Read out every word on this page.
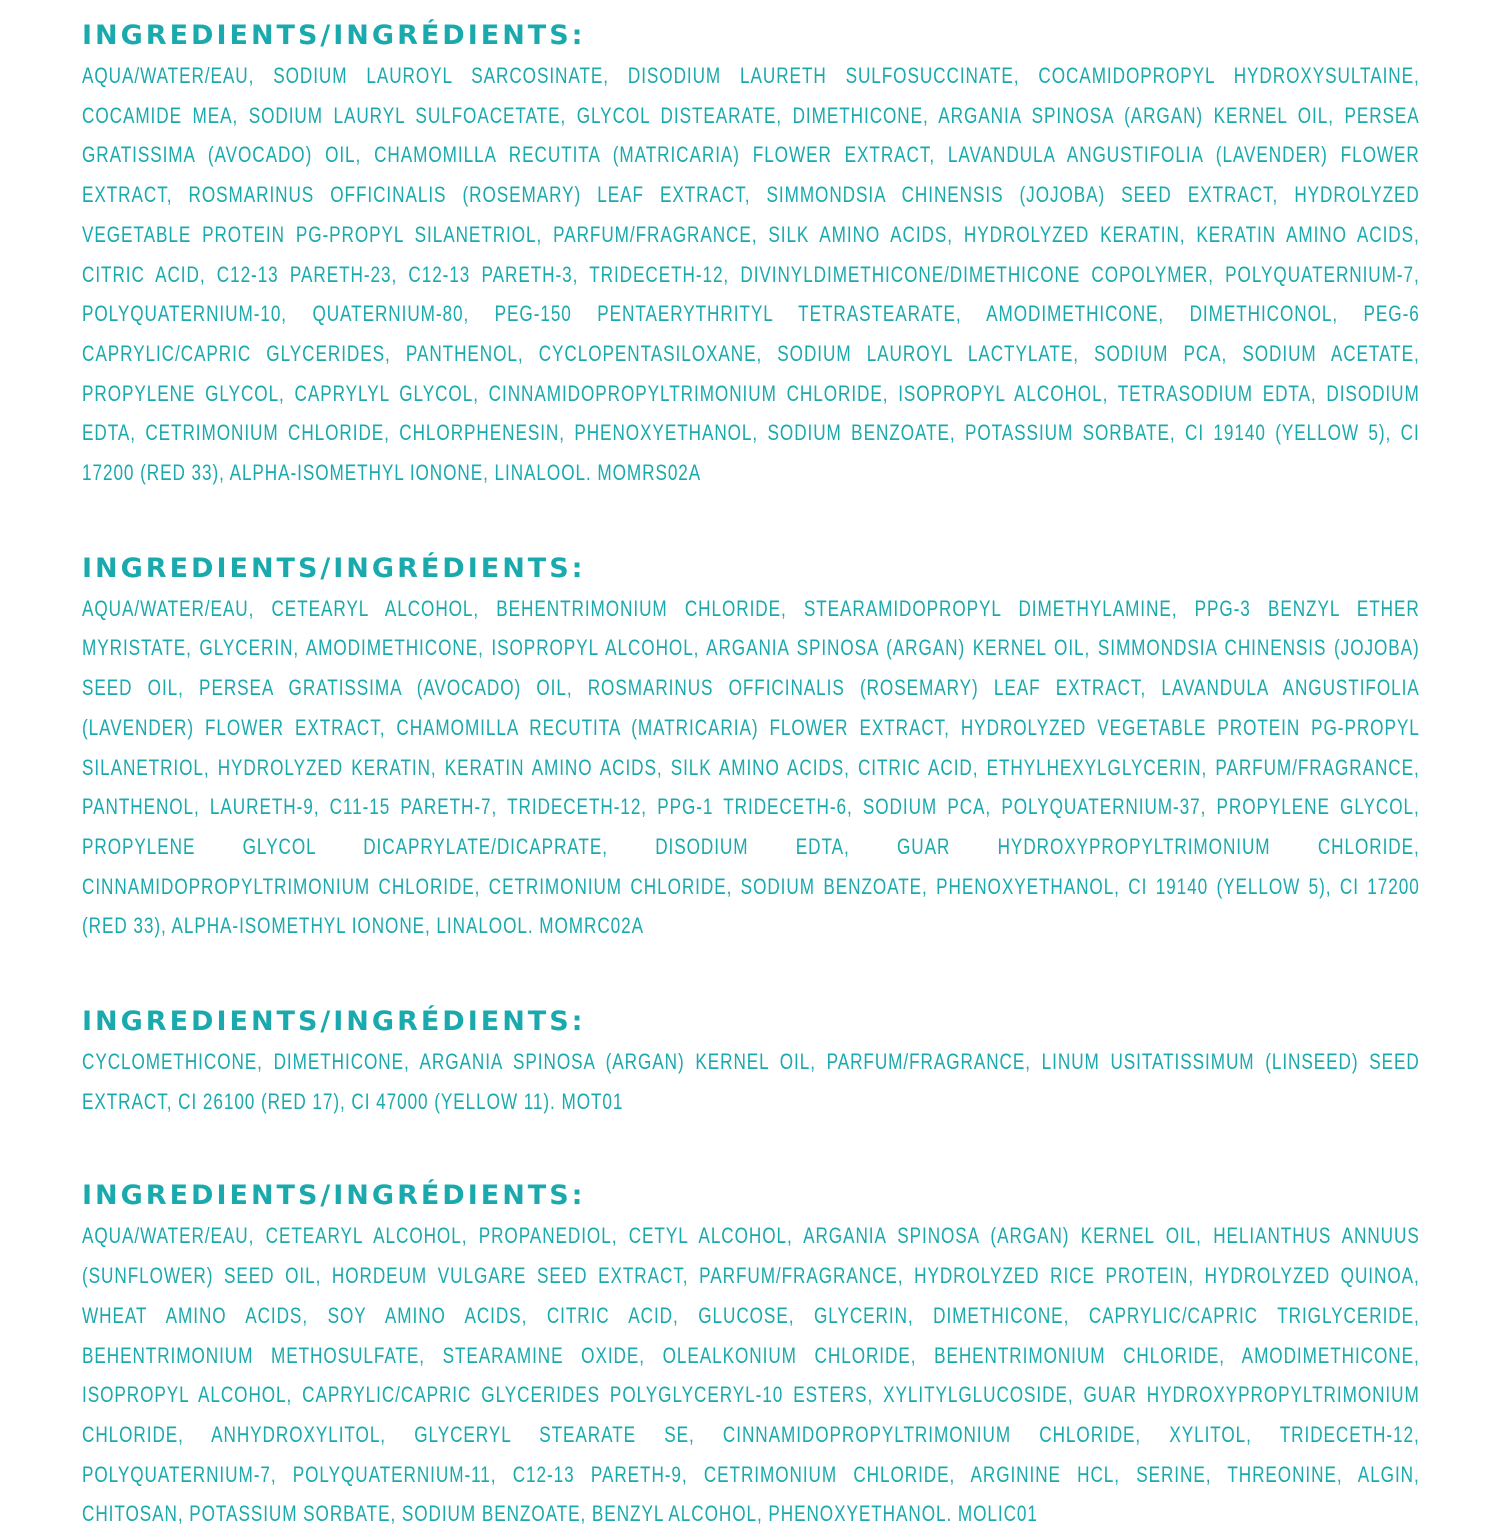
INGREDIENTS/INGRÉDIENTS:

AQUA/WATER/EAU, SODIUM LAUROYL SARCOSINATE, DISODIUM LAURETH SULFOSUCCINATE, COCAMIDOPROPYL HYDROXYSULTAINE, COCAMIDE MEA, SODIUM LAURYL SULFOACETATE, GLYCOL DISTEARATE, DIMETHICONE, ARGANIA SPINOSA (ARGAN) KERNEL OIL, PERSEA GRATISSIMA (AVOCADO) OIL, CHAMOMILLA RECUTITA (MATRICARIA) FLOWER EXTRACT, LAVANDULA ANGUSTIFOLIA (LAVENDER) FLOWER EXTRACT, ROSMARINUS OFFICINALIS (ROSEMARY) LEAF EXTRACT, SIMMONDSIA CHINENSIS (JOJOBA) SEED EXTRACT, HYDROLYZED VEGETABLE PROTEIN PG-PROPYL SILANETRIOL, PARFUM/FRAGRANCE, SILK AMINO ACIDS, HYDROLYZED KERATIN, KERATIN AMINO ACIDS, CITRIC ACID, C12-13 PARETH-23, C12-13 PARETH-3, TRIDECETH-12, DIVINYLDIMETHICONE/DIMETHICONE COPOLYMER, POLYQUATERNIUM-7, POLYQUATERNIUM-10, QUATERNIUM-80, PEG-150 PENTAERYTHRITYL TETRASTEARATE, AMODIMETHICONE, DIMETHICONOL, PEG-6 CAPRYLIC/CAPRIC GLYCERIDES, PANTHENOL, CYCLOPENTASILOXANE, SODIUM LAUROYL LACTYLATE, SODIUM PCA, SODIUM ACETATE, PROPYLENE GLYCOL, CAPRYLYL GLYCOL, CINNAMIDOPROPYLTRIMONIUM CHLORIDE, ISOPROPYL ALCOHOL, TETRASODIUM EDTA, DISODIUM EDTA, CETRIMONIUM CHLORIDE, CHLORPHENESIN, PHENOXYETHANOL, SODIUM BENZOATE, POTASSIUM SORBATE, CI 19140 (YELLOW 5), CI 17200 (RED 33), ALPHA-ISOMETHYL IONONE, LINALOOL. MOMRS02A

INGREDIENTS/INGRÉDIENTS:

AQUA/WATER/EAU, CETEARYL ALCOHOL, BEHENTRIMONIUM CHLORIDE, STEARAMIDOPROPYL DIMETHYLAMINE, PPG-3 BENZYL ETHER MYRISTATE, GLYCERIN, AMODIMETHICONE, ISOPROPYL ALCOHOL, ARGANIA SPINOSA (ARGAN) KERNEL OIL, SIMMONDSIA CHINENSIS (JOJOBA) SEED OIL, PERSEA GRATISSIMA (AVOCADO) OIL, ROSMARINUS OFFICINALIS (ROSEMARY) LEAF EXTRACT, LAVANDULA ANGUSTIFOLIA (LAVENDER) FLOWER EXTRACT, CHAMOMILLA RECUTITA (MATRICARIA) FLOWER EXTRACT, HYDROLYZED VEGETABLE PROTEIN PG-PROPYL SILANETRIOL, HYDROLYZED KERATIN, KERATIN AMINO ACIDS, SILK AMINO ACIDS, CITRIC ACID, ETHYLHEXYLGLYCERIN, PARFUM/FRAGRANCE, PANTHENOL, LAURETH-9, C11-15 PARETH-7, TRIDECETH-12, PPG-1 TRIDECETH-6, SODIUM PCA, POLYQUATERNIUM-37, PROPYLENE GLYCOL, PROPYLENE GLYCOL DICAPRYLATE/DICAPRATE, DISODIUM EDTA, GUAR HYDROXYPROPYLTRIMONIUM CHLORIDE, CINNAMIDOPROPYLTRIMONIUM CHLORIDE, CETRIMONIUM CHLORIDE, SODIUM BENZOATE, PHENOXYETHANOL, CI 19140 (YELLOW 5), CI 17200 (RED 33), ALPHA-ISOMETHYL IONONE, LINALOOL. MOMRC02A

INGREDIENTS/INGRÉDIENTS:

CYCLOMETHICONE, DIMETHICONE, ARGANIA SPINOSA (ARGAN) KERNEL OIL, PARFUM/FRAGRANCE, LINUM USITATISSIMUM (LINSEED) SEED EXTRACT, CI 26100 (RED 17), CI 47000 (YELLOW 11). MOT01

INGREDIENTS/INGRÉDIENTS:

AQUA/WATER/EAU, CETEARYL ALCOHOL, PROPANEDIOL, CETYL ALCOHOL, ARGANIA SPINOSA (ARGAN) KERNEL OIL, HELIANTHUS ANNUUS (SUNFLOWER) SEED OIL, HORDEUM VULGARE SEED EXTRACT, PARFUM/FRAGRANCE, HYDROLYZED RICE PROTEIN, HYDROLYZED QUINOA, WHEAT AMINO ACIDS, SOY AMINO ACIDS, CITRIC ACID, GLUCOSE, GLYCERIN, DIMETHICONE, CAPRYLIC/CAPRIC TRIGLYCERIDE, BEHENTRIMONIUM METHOSULFATE, STEARAMINE OXIDE, OLEALKONIUM CHLORIDE, BEHENTRIMONIUM CHLORIDE, AMODIMETHICONE, ISOPROPYL ALCOHOL, CAPRYLIC/CAPRIC GLYCERIDES POLYGLYCERYL-10 ESTERS, XYLITYLGLUCOSIDE, GUAR HYDROXYPROPYLTRIMONIUM CHLORIDE, ANHYDROXYLITOL, GLYCERYL STEARATE SE, CINNAMIDOPROPYLTRIMONIUM CHLORIDE, XYLITOL, TRIDECETH-12, POLYQUATERNIUM-7, POLYQUATERNIUM-11, C12-13 PARETH-9, CETRIMONIUM CHLORIDE, ARGININE HCL, SERINE, THREONINE, ALGIN, CHITOSAN, POTASSIUM SORBATE, SODIUM BENZOATE, BENZYL ALCOHOL, PHENOXYETHANOL. MOLIC01
